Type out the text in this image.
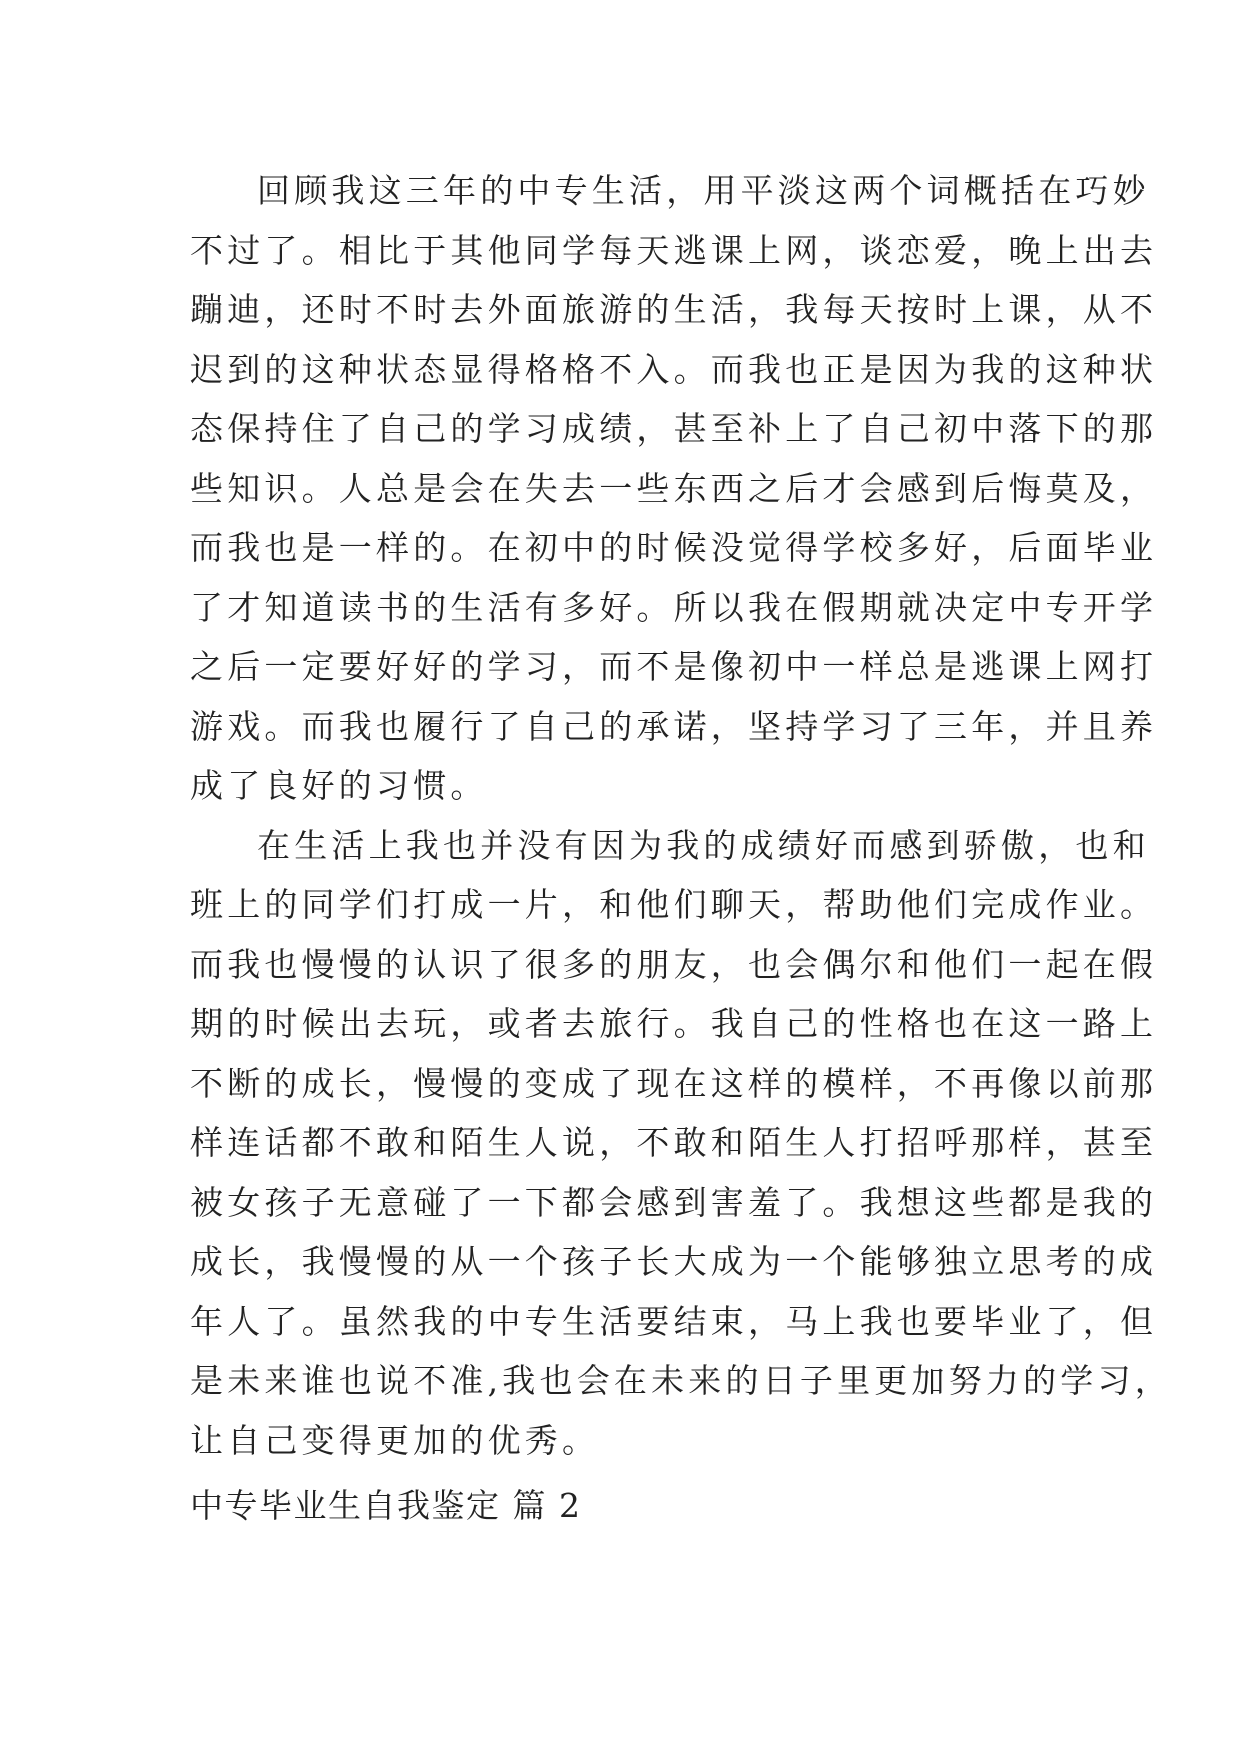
回顾我这三年的中专生活，用平淡这两个词概括在巧妙
不过了。相比于其他同学每天逃课上网，谈恋爱，晚上出去
蹦迪，还时不时去外面旅游的生活，我每天按时上课，从不
迟到的这种状态显得格格不入。而我也正是因为我的这种状
态保持住了自己的学习成绩，甚至补上了自己初中落下的那
些知识。人总是会在失去一些东西之后才会感到后悔莫及，
而我也是一样的。在初中的时候没觉得学校多好，后面毕业
了才知道读书的生活有多好。所以我在假期就决定中专开学
之后一定要好好的学习，而不是像初中一样总是逃课上网打
游戏。而我也履行了自己的承诺，坚持学习了三年，并且养
成了良好的习惯。
在生活上我也并没有因为我的成绩好而感到骄傲，也和
班上的同学们打成一片，和他们聊天，帮助他们完成作业。
而我也慢慢的认识了很多的朋友，也会偶尔和他们一起在假
期的时候出去玩，或者去旅行。我自己的性格也在这一路上
不断的成长，慢慢的变成了现在这样的模样，不再像以前那
样连话都不敢和陌生人说，不敢和陌生人打招呼那样，甚至
被女孩子无意碰了一下都会感到害羞了。我想这些都是我的
成长，我慢慢的从一个孩子长大成为一个能够独立思考的成
年人了。虽然我的中专生活要结束，马上我也要毕业了，但
是未来谁也说不准,我也会在未来的日子里更加努力的学习，
让自己变得更加的优秀。
中专毕业生自我鉴定 篇 2
